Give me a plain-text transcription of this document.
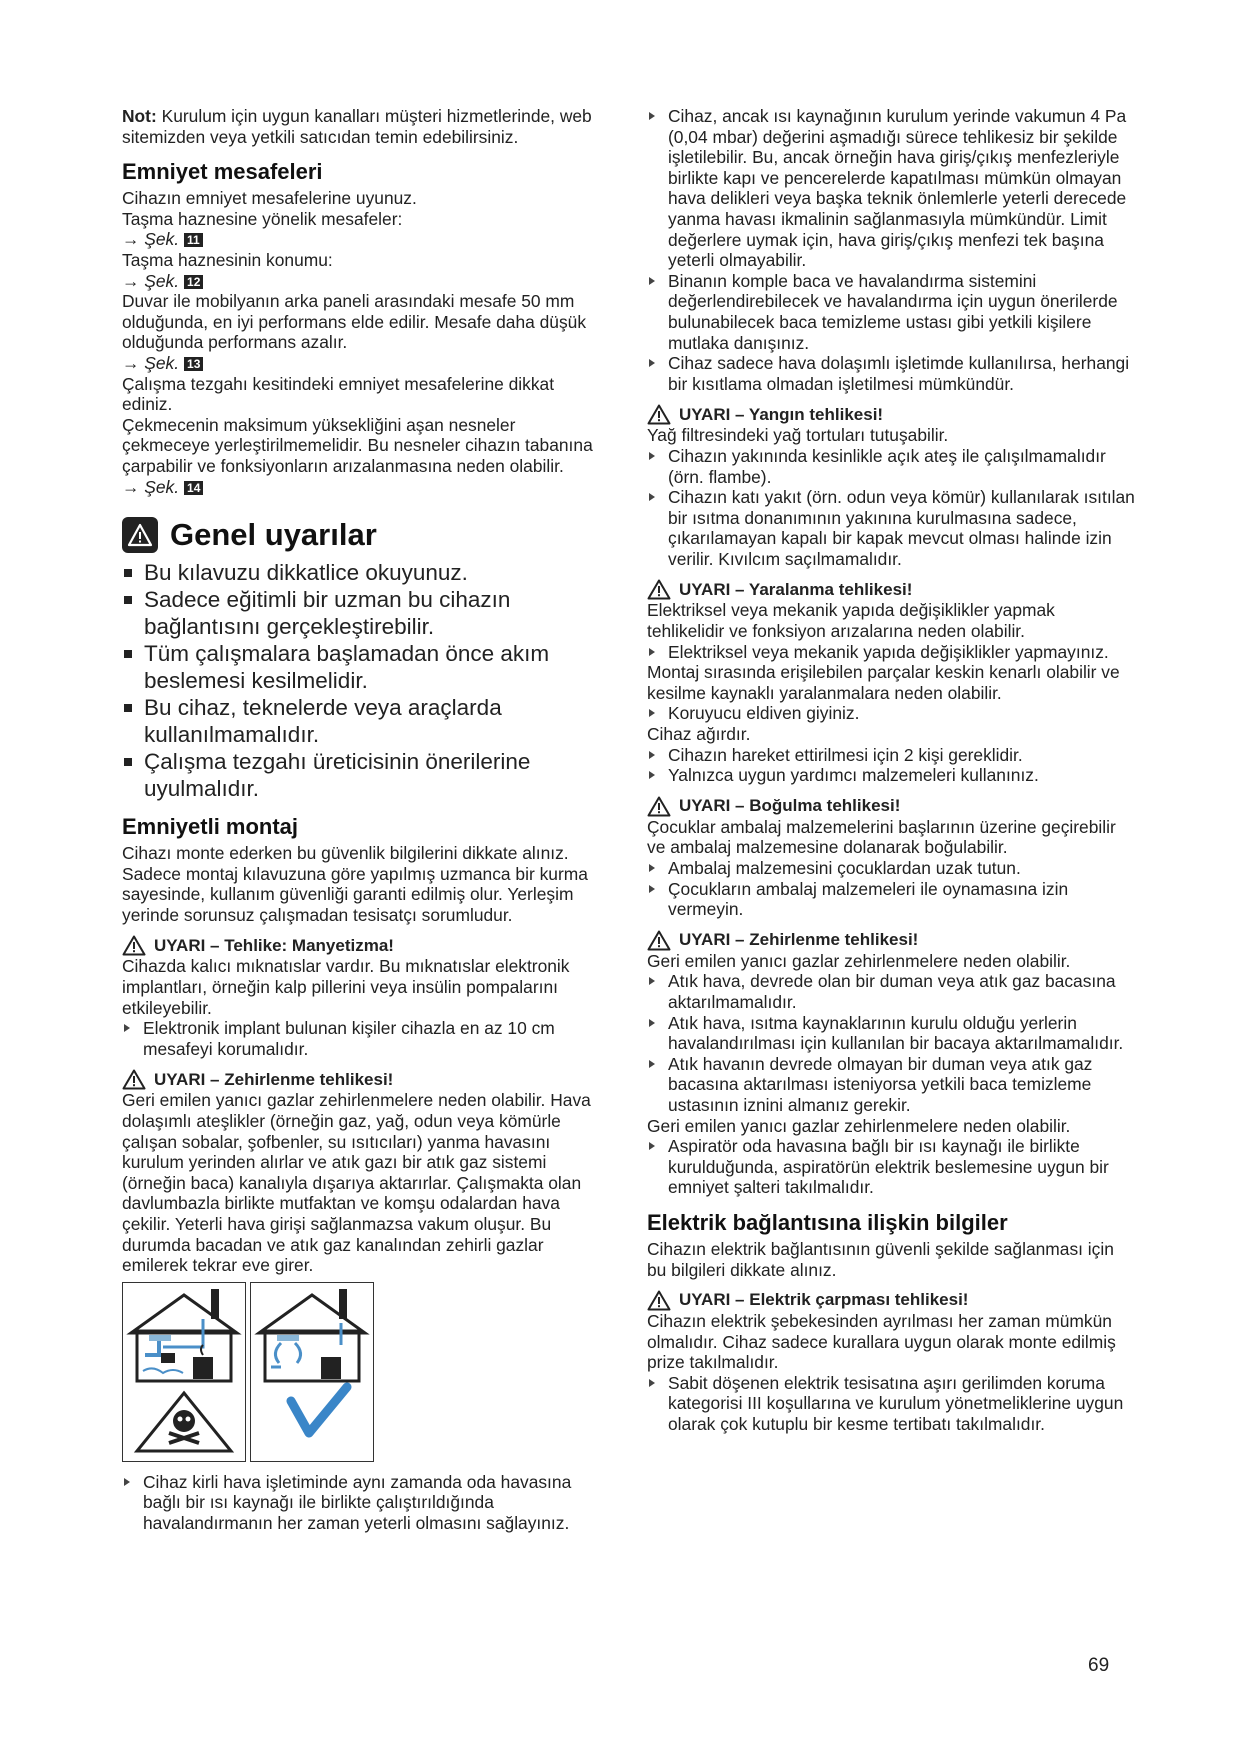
Not: Kurulum için uygun kanalları müşteri hizmetlerinde, web sitemizden veya yetkili satıcıdan temin edebilirsiniz.

Emniyet mesafeleri

Cihazın emniyet mesafelerine uyunuz.

Taşma haznesine yönelik mesafeler:

→ Şek. 11

Taşma haznesinin konumu:

→ Şek. 12

Duvar ile mobilyanın arka paneli arasındaki mesafe 50 mm olduğunda, en iyi performans elde edilir. Mesafe daha düşük olduğunda performans azalır.

→ Şek. 13

Çalışma tezgahı kesitindeki emniyet mesafelerine dikkat ediniz.

Çekmecenin maksimum yüksekliğini aşan nesneler çekmeceye yerleştirilmemelidir. Bu nesneler cihazın tabanına çarpabilir ve fonksiyonların arızalanmasına neden olabilir.

→ Şek. 14

Genel uyarılar
Bu kılavuzu dikkatlice okuyunuz.
Sadece eğitimli bir uzman bu cihazın bağlantısını gerçekleştirebilir.
Tüm çalışmalara başlamadan önce akım beslemesi kesilmelidir.
Bu cihaz, teknelerde veya araçlarda kullanılmamalıdır.
Çalışma tezgahı üreticisinin önerilerine uyulmalıdır.
Emniyetli montaj

Cihazı monte ederken bu güvenlik bilgilerini dikkate alınız.

Sadece montaj kılavuzuna göre yapılmış uzmanca bir kurma sayesinde, kullanım güvenliği garanti edilmiş olur. Yerleşim yerinde sorunsuz çalışmadan tesisatçı sorumludur.

UYARI – Tehlike: Manyetizma!

Cihazda kalıcı mıknatıslar vardır. Bu mıknatıslar elektronik implantları, örneğin kalp pillerini veya insülin pompalarını etkileyebilir.

Elektronik implant bulunan kişiler cihazla en az 10 cm mesafeyi korumalıdır.
UYARI – Zehirlenme tehlikesi!

Geri emilen yanıcı gazlar zehirlenmelere neden olabilir. Hava dolaşımlı ateşlikler (örneğin gaz, yağ, odun veya kömürle çalışan sobalar, şofbenler, su ısıtıcıları) yanma havasını kurulum yerinden alırlar ve atık gazı bir atık gaz sistemi (örneğin baca) kanalıyla dışarıya aktarırlar. Çalışmakta olan davlumbazla birlikte mutfaktan ve komşu odalardan hava çekilir. Yeterli hava girişi sağlanmazsa vakum oluşur. Bu durumda bacadan ve atık gaz kanalından zehirli gazlar emilerek tekrar eve girer.

Cihaz kirli hava işletiminde aynı zamanda oda havasına bağlı bir ısı kaynağı ile birlikte çalıştırıldığında havalandırmanın her zaman yeterli olmasını sağlayınız.
Cihaz, ancak ısı kaynağının kurulum yerinde vakumun 4 Pa (0,04 mbar) değerini aşmadığı sürece tehlikesiz bir şekilde işletilebilir. Bu, ancak örneğin hava giriş/çıkış menfezleriyle birlikte kapı ve pencerelerde kapatılması mümkün olmayan hava delikleri veya başka teknik önlemlerle yeterli derecede yanma havası ikmalinin sağlanmasıyla mümkündür. Limit değerlere uymak için, hava giriş/çıkış menfezi tek başına yeterli olmayabilir.
Binanın komple baca ve havalandırma sistemini değerlendirebilecek ve havalandırma için uygun önerilerde bulunabilecek baca temizleme ustası gibi yetkili kişilere mutlaka danışınız.
Cihaz sadece hava dolaşımlı işletimde kullanılırsa, herhangi bir kısıtlama olmadan işletilmesi mümkündür.
UYARI – Yangın tehlikesi!

Yağ filtresindeki yağ tortuları tutuşabilir.

Cihazın yakınında kesinlikle açık ateş ile çalışılmamalıdır (örn. flambe).
Cihazın katı yakıt (örn. odun veya kömür) kullanılarak ısıtılan bir ısıtma donanımının yakınına kurulmasına sadece, çıkarılamayan kapalı bir kapak mevcut olması halinde izin verilir. Kıvılcım saçılmamalıdır.
UYARI – Yaralanma tehlikesi!

Elektriksel veya mekanik yapıda değişiklikler yapmak tehlikelidir ve fonksiyon arızalarına neden olabilir.

Elektriksel veya mekanik yapıda değişiklikler yapmayınız.

Montaj sırasında erişilebilen parçalar keskin kenarlı olabilir ve kesilme kaynaklı yaralanmalara neden olabilir.

Koruyucu eldiven giyiniz.

Cihaz ağırdır.

Cihazın hareket ettirilmesi için 2 kişi gereklidir.
Yalnızca uygun yardımcı malzemeleri kullanınız.
UYARI – Boğulma tehlikesi!

Çocuklar ambalaj malzemelerini başlarının üzerine geçirebilir ve ambalaj malzemesine dolanarak boğulabilir.

Ambalaj malzemesini çocuklardan uzak tutun.
Çocukların ambalaj malzemeleri ile oynamasına izin vermeyin.
UYARI – Zehirlenme tehlikesi!

Geri emilen yanıcı gazlar zehirlenmelere neden olabilir.

Atık hava, devrede olan bir duman veya atık gaz bacasına aktarılmamalıdır.
Atık hava, ısıtma kaynaklarının kurulu olduğu yerlerin havalandırılması için kullanılan bir bacaya aktarılmamalıdır.
Atık havanın devrede olmayan bir duman veya atık gaz bacasına aktarılması isteniyorsa yetkili baca temizleme ustasının iznini almanız gerekir.

Geri emilen yanıcı gazlar zehirlenmelere neden olabilir.

Aspiratör oda havasına bağlı bir ısı kaynağı ile birlikte kurulduğunda, aspiratörün elektrik beslemesine uygun bir emniyet şalteri takılmalıdır.
Elektrik bağlantısına ilişkin bilgiler

Cihazın elektrik bağlantısının güvenli şekilde sağlanması için bu bilgileri dikkate alınız.

UYARI – Elektrik çarpması tehlikesi!

Cihazın elektrik şebekesinden ayrılması her zaman mümkün olmalıdır. Cihaz sadece kurallara uygun olarak monte edilmiş prize takılmalıdır.

Sabit döşenen elektrik tesisatına aşırı gerilimden koruma kategorisi III koşullarına ve kurulum yönetmeliklerine uygun olarak çok kutuplu bir kesme tertibatı takılmalıdır.
69
